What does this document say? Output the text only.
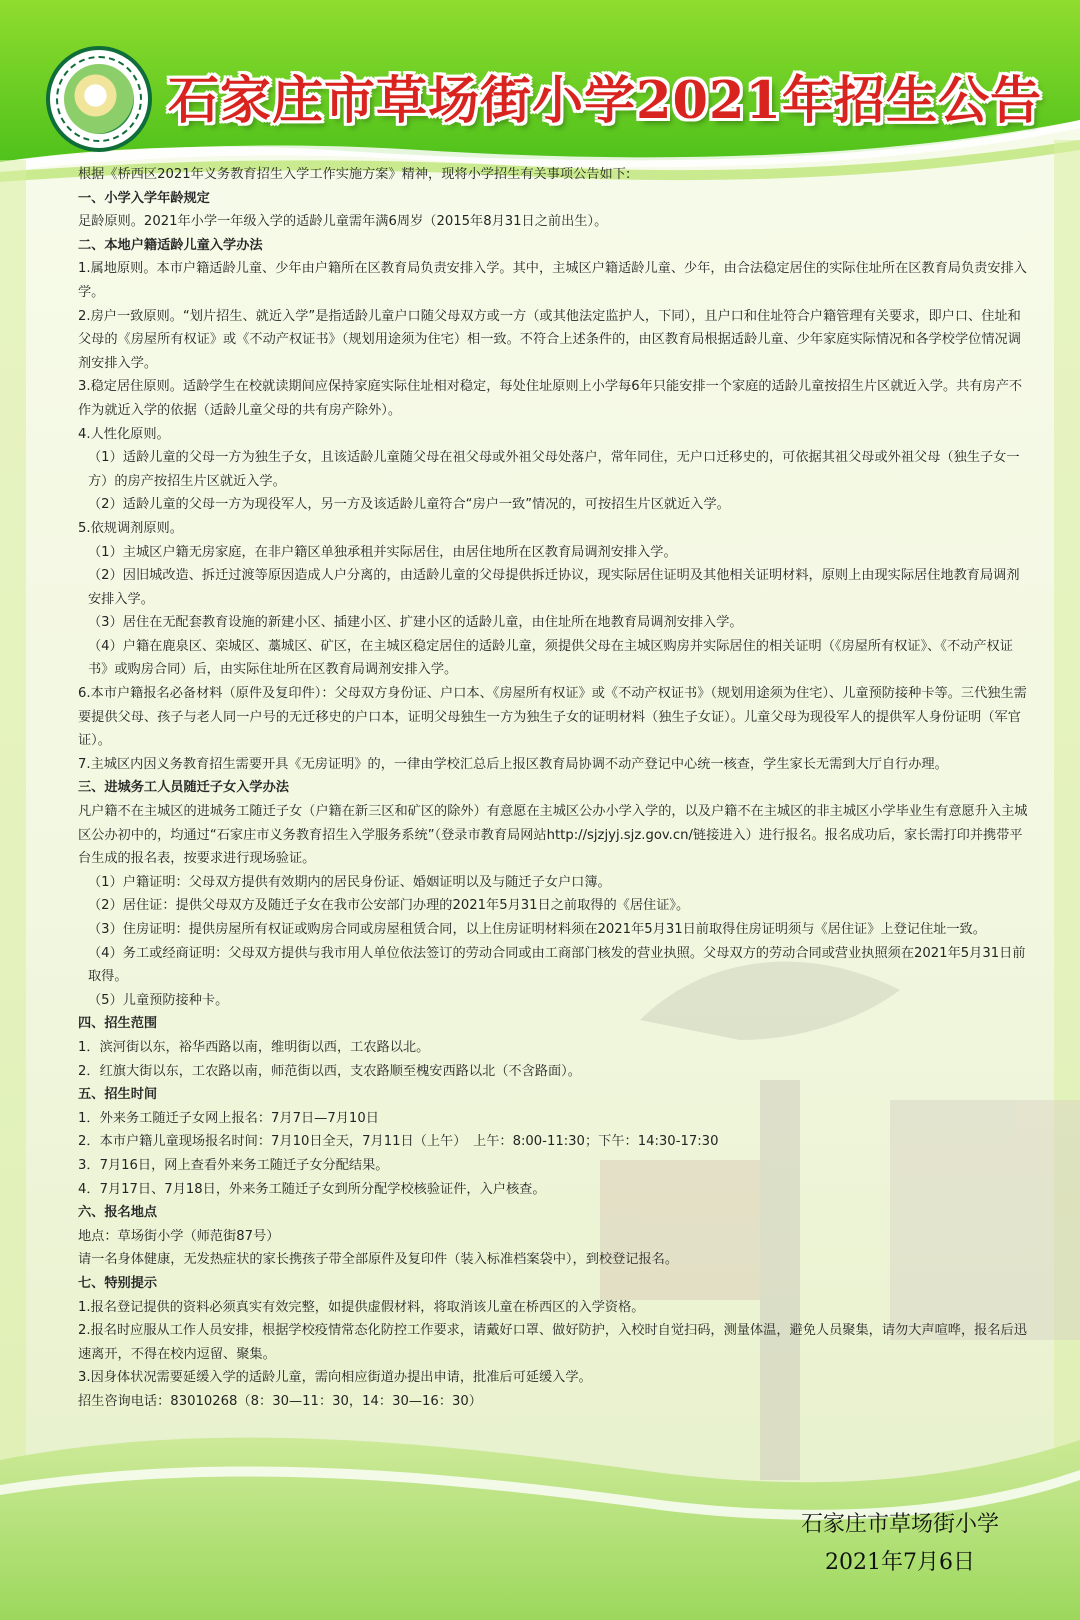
石家庄市草场街小学2021年招生公告

根据《桥西区2021年义务教育招生入学工作实施方案》精神，现将小学招生有关事项公告如下:

一、小学入学年龄规定

足龄原则。2021年小学一年级入学的适龄儿童需年满6周岁（2015年8月31日之前出生）。

二、本地户籍适龄儿童入学办法

1.属地原则。本市户籍适龄儿童、少年由户籍所在区教育局负责安排入学。其中，主城区户籍适龄儿童、少年，由合法稳定居住的实际住址所在区教育局负责安排入学。

2.房户一致原则。“划片招生、就近入学”是指适龄儿童户口随父母双方或一方（或其他法定监护人，下同），且户口和住址符合户籍管理有关要求，即户口、住址和父母的《房屋所有权证》或《不动产权证书》（规划用途须为住宅）相一致。不符合上述条件的，由区教育局根据适龄儿童、少年家庭实际情况和各学校学位情况调剂安排入学。

3.稳定居住原则。适龄学生在校就读期间应保持家庭实际住址相对稳定，每处住址原则上小学每6年只能安排一个家庭的适龄儿童按招生片区就近入学。共有房产不作为就近入学的依据（适龄儿童父母的共有房产除外）。

4.人性化原则。

（1）适龄儿童的父母一方为独生子女，且该适龄儿童随父母在祖父母或外祖父母处落户，常年同住，无户口迁移史的，可依据其祖父母或外祖父母（独生子女一方）的房产按招生片区就近入学。

（2）适龄儿童的父母一方为现役军人，另一方及该适龄儿童符合“房户一致”情况的，可按招生片区就近入学。

5.依规调剂原则。

（1）主城区户籍无房家庭，在非户籍区单独承租并实际居住，由居住地所在区教育局调剂安排入学。

（2）因旧城改造、拆迁过渡等原因造成人户分离的，由适龄儿童的父母提供拆迁协议，现实际居住证明及其他相关证明材料，原则上由现实际居住地教育局调剂安排入学。

（3）居住在无配套教育设施的新建小区、插建小区、扩建小区的适龄儿童，由住址所在地教育局调剂安排入学。

（4）户籍在鹿泉区、栾城区、藁城区、矿区，在主城区稳定居住的适龄儿童，须提供父母在主城区购房并实际居住的相关证明（《房屋所有权证》、《不动产权证书》或购房合同）后，由实际住址所在区教育局调剂安排入学。

6.本市户籍报名必备材料（原件及复印件）：父母双方身份证、户口本、《房屋所有权证》或《不动产权证书》（规划用途须为住宅）、儿童预防接种卡等。三代独生需要提供父母、孩子与老人同一户号的无迁移史的户口本，证明父母独生一方为独生子女的证明材料（独生子女证）。儿童父母为现役军人的提供军人身份证明（军官证）。

7.主城区内因义务教育招生需要开具《无房证明》的，一律由学校汇总后上报区教育局协调不动产登记中心统一核查，学生家长无需到大厅自行办理。

三、进城务工人员随迁子女入学办法

凡户籍不在主城区的进城务工随迁子女（户籍在新三区和矿区的除外）有意愿在主城区公办小学入学的，以及户籍不在主城区的非主城区小学毕业生有意愿升入主城区公办初中的，均通过“石家庄市义务教育招生入学服务系统”（登录市教育局网站http://sjzjyj.sjz.gov.cn/链接进入）进行报名。报名成功后，家长需打印并携带平台生成的报名表，按要求进行现场验证。

（1）户籍证明：父母双方提供有效期内的居民身份证、婚姻证明以及与随迁子女户口簿。

（2）居住证：提供父母双方及随迁子女在我市公安部门办理的2021年5月31日之前取得的《居住证》。

（3）住房证明：提供房屋所有权证或购房合同或房屋租赁合同，以上住房证明材料须在2021年5月31日前取得住房证明须与《居住证》上登记住址一致。

（4）务工或经商证明：父母双方提供与我市用人单位依法签订的劳动合同或由工商部门核发的营业执照。父母双方的劳动合同或营业执照须在2021年5月31日前取得。

（5）儿童预防接种卡。

四、招生范围

1．滨河街以东，裕华西路以南，维明街以西，工农路以北。

2．红旗大街以东，工农路以南，师范街以西，支农路顺至槐安西路以北（不含路面）。

五、招生时间

1．外来务工随迁子女网上报名：7月7日—7月10日

2．本市户籍儿童现场报名时间：7月10日全天，7月11日（上午）　上午：8:00-11:30；下午：14:30-17:30

3．7月16日，网上查看外来务工随迁子女分配结果。

4．7月17日、7月18日，外来务工随迁子女到所分配学校核验证件，入户核查。

六、报名地点

地点：草场街小学（师范街87号）

请一名身体健康，无发热症状的家长携孩子带全部原件及复印件（装入标准档案袋中），到校登记报名。

七、特别提示

1.报名登记提供的资料必须真实有效完整，如提供虚假材料，将取消该儿童在桥西区的入学资格。

2.报名时应服从工作人员安排，根据学校疫情常态化防控工作要求，请戴好口罩、做好防护，入校时自觉扫码，测量体温，避免人员聚集，请勿大声喧哗，报名后迅速离开，不得在校内逗留、聚集。

3.因身体状况需要延缓入学的适龄儿童，需向相应街道办提出申请，批准后可延缓入学。

招生咨询电话：83010268（8：30—11：30，14：30—16：30）

石家庄市草场街小学
2021年7月6日
